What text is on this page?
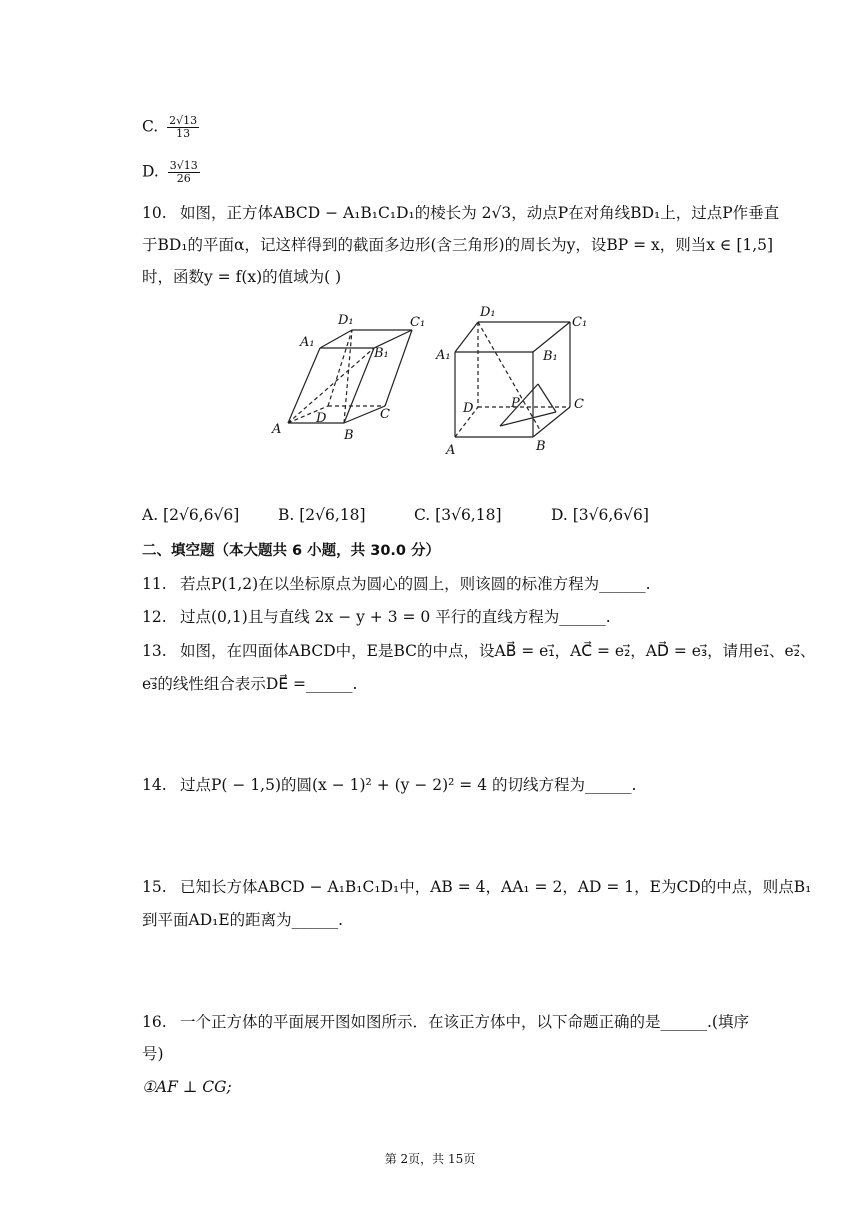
C. $\frac{2√13}{13}$
D. $\frac{3√13}{26}$
10. 如图，正方体ABCD − A₁B₁C₁D₁的棱长为 2√3，动点P在对角线BD₁上，过点P作垂直
于BD₁的平面α，记这样得到的截面多边形(含三角形)的周长为y，设BP = x，则当x ∈ [1,5]
时，函数y = f(x)的值域为( )
D₁	C₁
A₁
B₁
D	C
A	B
D₁
C₁
A₁	B₁
D	P	C
A	B
A. [2√6,6√6] B. [2√6,18]	C. [3√6,18]	D. [3√6,6√6]
二、填空题（本大题共 6 小题，共 30.0 分）
11. 若点P(1,2)在以坐标原点为圆心的圆上，则该圆的标准方程为______.
12. 过点(0,1)且与直线 2x − y + 3 = 0 平行的直线方程为______.
13. 如图，在四面体ABCD中，E是BC的中点，设AB⃗ = e₁⃗，AC⃗ = e₂⃗，AD⃗ = e₃⃗，请用e₁⃗、e₂⃗、
e₃⃗的线性组合表示DE⃗ =______.
14. 过点P( − 1,5)的圆(x − 1)² + (y − 2)² = 4 的切线方程为______.
15. 已知长方体ABCD − A₁B₁C₁D₁中，AB = 4，AA₁ = 2，AD = 1，E为CD的中点，则点B₁
到平面AD₁E的距离为______.
16. 一个正方体的平面展开图如图所示．在该正方体中，以下命题正确的是______.(填序
号)
①AF ⊥ CG;
第 2页，共 15页
